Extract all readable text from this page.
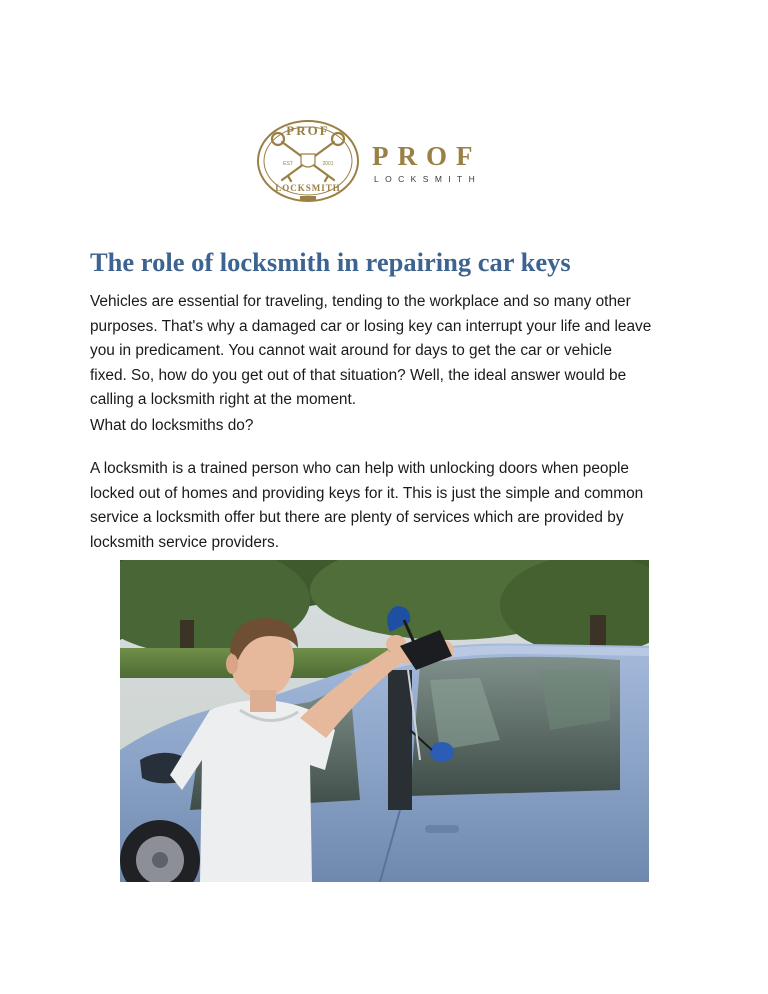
PROF
LOCKSMITH
EST	2001 PROF
LOCKSMITH
The role of locksmith in repairing car keys

Vehicles are essential for traveling, tending to the workplace and so many other
purposes. That's why a damaged car or losing key can interrupt your life and leave
you in predicament. You cannot wait around for days to get the car or vehicle
fixed. So, how do you get out of that situation? Well, the ideal answer would be
calling a locksmith right at the moment.

What do locksmiths do?

A locksmith is a trained person who can help with unlocking doors when people
locked out of homes and providing keys for it. This is just the simple and common
service a locksmith offer but there are plenty of services which are provided by
locksmith service providers.
